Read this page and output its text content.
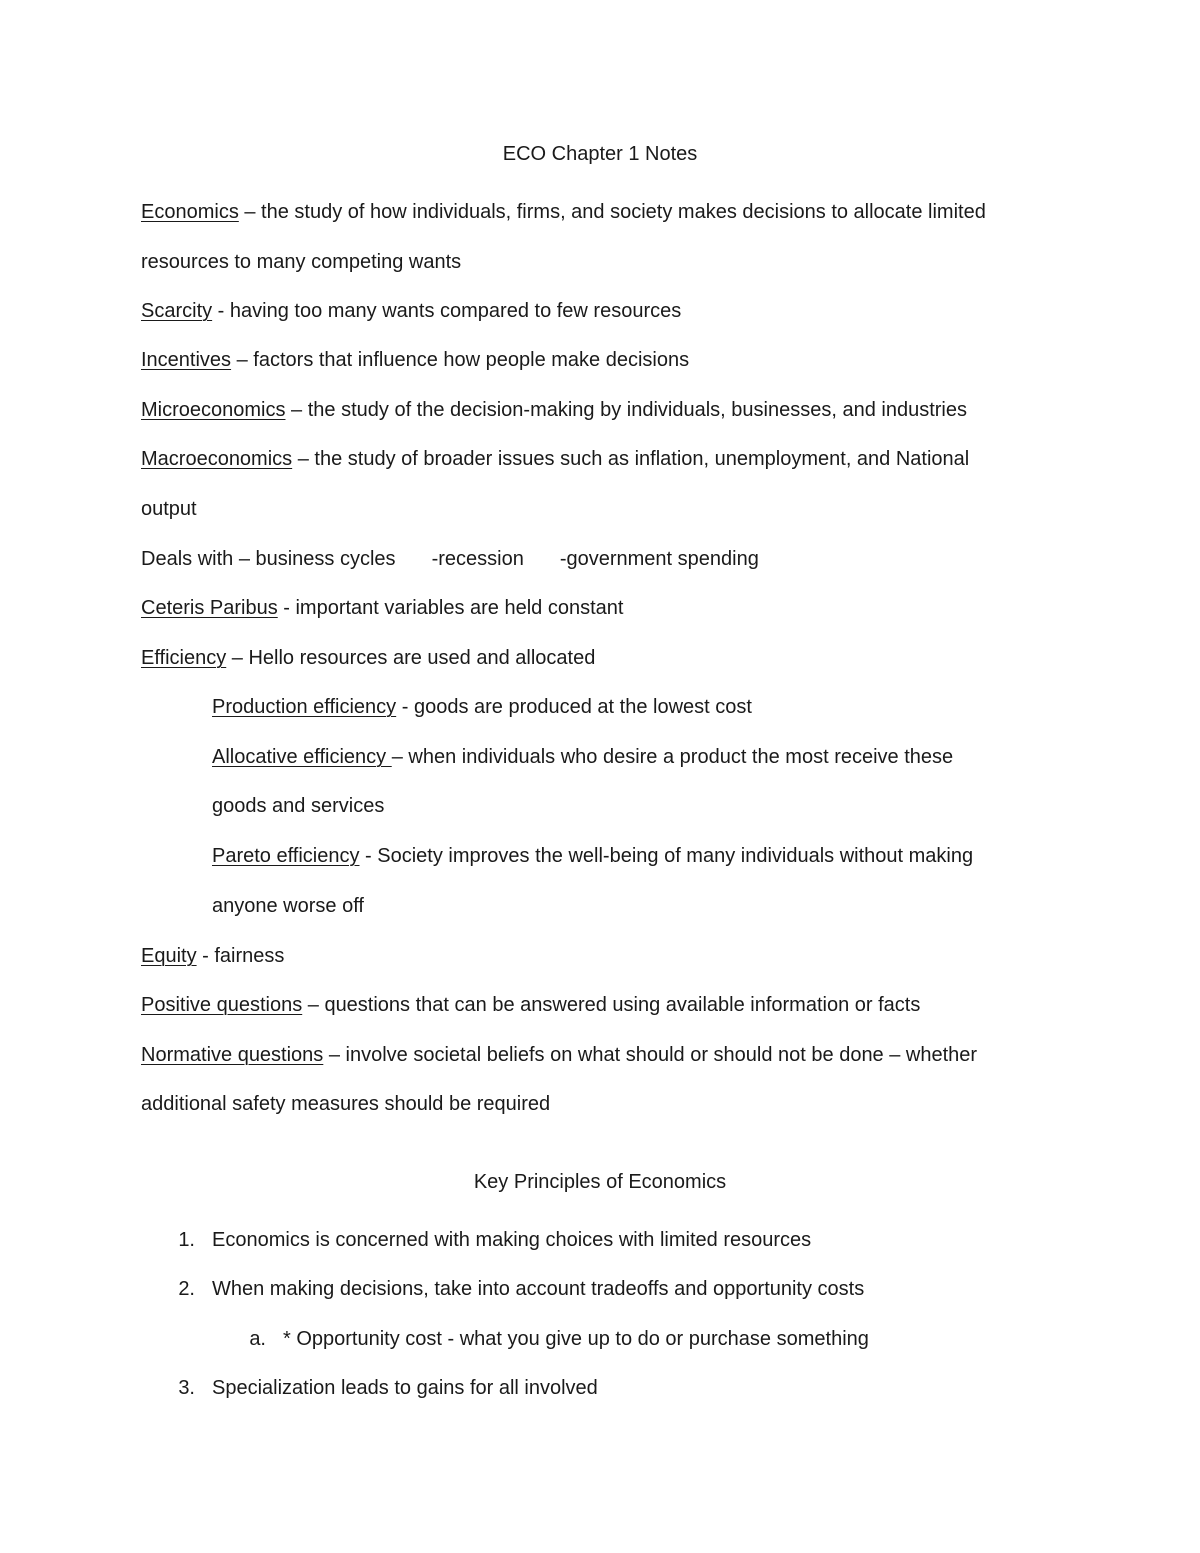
ECO Chapter 1 Notes
Economics – the study of how individuals, firms, and society makes decisions to allocate limited
resources to many competing wants
Scarcity - having too many wants compared to few resources
Incentives – factors that influence how people make decisions
Microeconomics – the study of the decision-making by individuals, businesses, and industries
Macroeconomics – the study of broader issues such as inflation, unemployment, and National
output
Deals with – business cycles -recession -government spending
Ceteris Paribus - important variables are held constant
Efficiency – Hello resources are used and allocated
Production efficiency - goods are produced at the lowest cost
Allocative efficiency – when individuals who desire a product the most receive these
goods and services
Pareto efficiency - Society improves the well-being of many individuals without making
anyone worse off
Equity - fairness
Positive questions – questions that can be answered using available information or facts
Normative questions – involve societal beliefs on what should or should not be done – whether
additional safety measures should be required
Key Principles of Economics
1. Economics is concerned with making choices with limited resources
2. When making decisions, take into account tradeoffs and opportunity costs
a. * Opportunity cost - what you give up to do or purchase something
3. Specialization leads to gains for all involved
